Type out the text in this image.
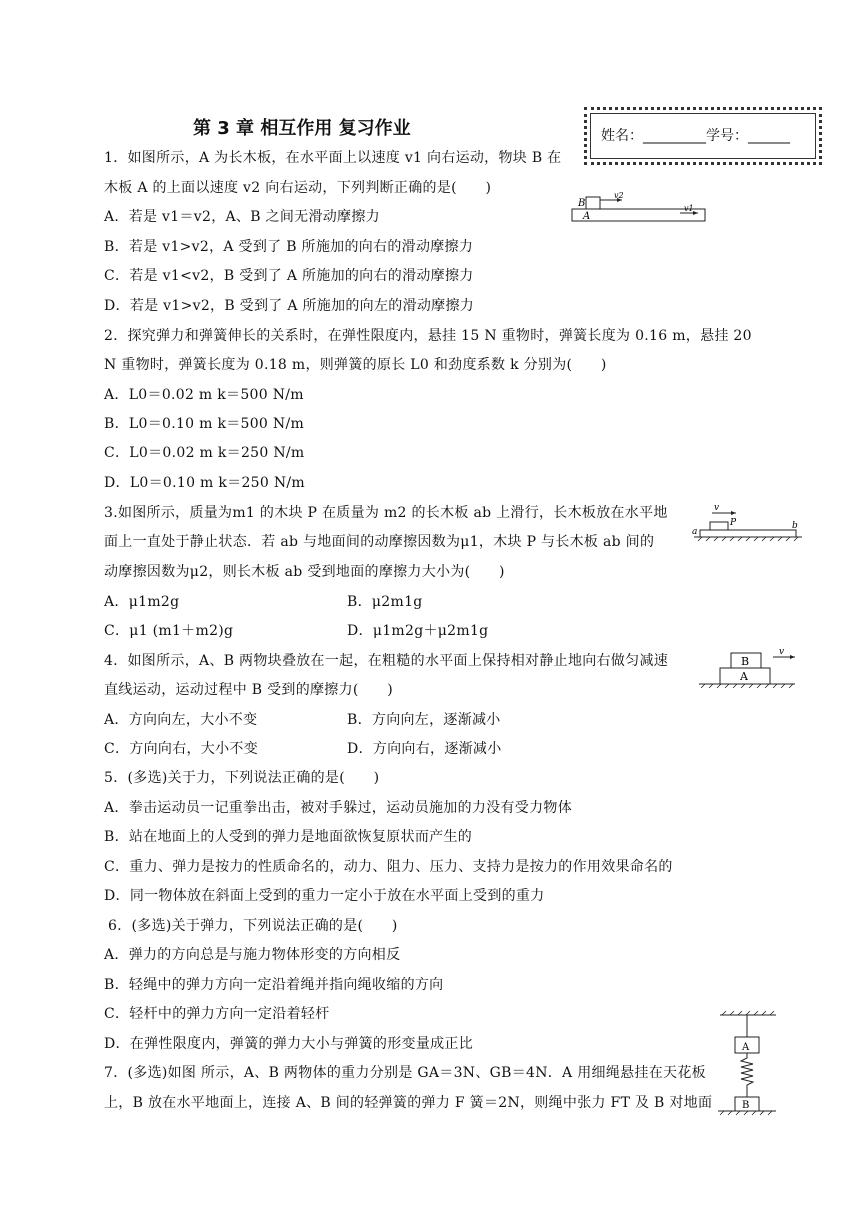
第 3 章 相互作用 复习作业	姓名：_________学号：______
1．如图所示，A 为长木板，在水平面上以速度 v1 向右运动，物块 B 在
木板 A 的上面以速度 v2 向右运动，下列判断正确的是(　　)
A．若是 v1＝v2，A、B 之间无滑动摩擦力
B．若是 v1>v2，A 受到了 B 所施加的向右的滑动摩擦力
C．若是 v1<v2，B 受到了 A 所施加的向右的滑动摩擦力
D．若是 v1>v2，B 受到了 A 所施加的向左的滑动摩擦力
B
A
v2
v1
2．探究弹力和弹簧伸长的关系时，在弹性限度内，悬挂 15 N 重物时，弹簧长度为 0.16 m，悬挂 20
N 重物时，弹簧长度为 0.18 m，则弹簧的原长 L0 和劲度系数 k 分别为(　　)
A．L0＝0.02 m k＝500 N/m
B．L0＝0.10 m k＝500 N/m
C．L0＝0.02 m k＝250 N/m
D．L0＝0.10 m k＝250 N/m
3.如图所示，质量为m1 的木块 P 在质量为 m2 的长木板 ab 上滑行，长木板放在水平地
面上一直处于静止状态．若 ab 与地面间的动摩擦因数为μ1，木块 P 与长木板 ab 间的
动摩擦因数为μ2，则长木板 ab 受到地面的摩擦力大小为(　　)
A．μ1m2g	B．μ2m1g
C．μ1 (m1＋m2)g	D．μ1m2g＋μ2m1g
v
P
a
b
4．如图所示，A、B 两物块叠放在一起，在粗糙的水平面上保持相对静止地向右做匀减速
直线运动，运动过程中 B 受到的摩擦力(　　)
A．方向向左，大小不变	B．方向向左，逐渐减小
C．方向向右，大小不变	D．方向向右，逐渐减小
B
A
v
5．(多选)关于力，下列说法正确的是(　　)
A．拳击运动员一记重拳出击，被对手躲过，运动员施加的力没有受力物体
B．站在地面上的人受到的弹力是地面欲恢复原状而产生的
C．重力、弹力是按力的性质命名的，动力、阻力、压力、支持力是按力的作用效果命名的
D．同一物体放在斜面上受到的重力一定小于放在水平面上受到的重力
6．(多选)关于弹力，下列说法正确的是(　　)
A．弹力的方向总是与施力物体形变的方向相反
B．轻绳中的弹力方向一定沿着绳并指向绳收缩的方向
C．轻杆中的弹力方向一定沿着轻杆
D．在弹性限度内，弹簧的弹力大小与弹簧的形变量成正比	A
B
7．(多选)如图 所示，A、B 两物体的重力分别是 GA＝3N、GB＝4N．A 用细绳悬挂在天花板
上，B 放在水平地面上，连接 A、B 间的轻弹簧的弹力 F 簧＝2N，则绳中张力 FT 及 B 对地面
